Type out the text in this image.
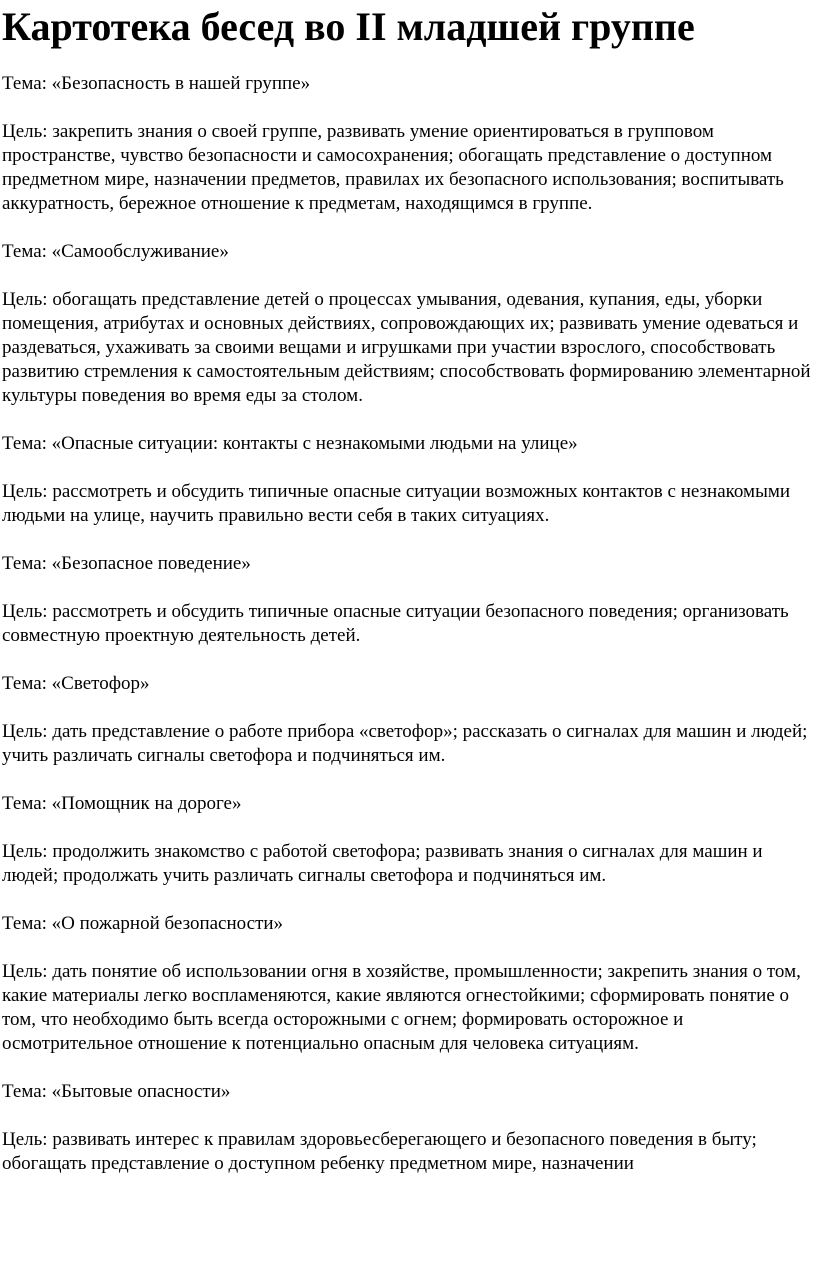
Картотека бесед во II младшей группе

Тема: «Безопасность в нашей группе»

Цель: закрепить знания о своей группе, развивать умение ориентироваться в групповом пространстве, чувство безопасности и самосохранения; обогащать представление о доступном предметном мире, назначении предметов, правилах их безопасного использования; воспитывать аккуратность, бережное отношение к предметам, находящимся в группе.

Тема: «Самообслуживание»

Цель: обогащать представление детей о процессах умывания, одевания, купания, еды, уборки помещения, атрибутах и основных действиях, сопровождающих их; развивать умение одеваться и раздеваться, ухаживать за своими вещами и игрушками при участии взрослого, способствовать развитию стремления к самостоятельным действиям; способствовать формированию элементарной культуры поведения во время еды за столом.

Тема: «Опасные ситуации: контакты с незнакомыми людьми на улице»

Цель: рассмотреть и обсудить типичные опасные ситуации возможных контактов с незнакомыми людьми на улице, научить правильно вести себя в таких ситуациях.

Тема: «Безопасное поведение»

Цель: рассмотреть и обсудить типичные опасные ситуации безопасного поведения; организовать совместную проектную деятельность детей.

Тема: «Светофор»

Цель: дать представление о работе прибора «светофор»; рассказать о сигналах для машин и людей; учить различать сигналы светофора и подчиняться им.

Тема: «Помощник на дороге»

Цель: продолжить знакомство с работой светофора; развивать знания о сигналах для машин и людей; продолжать учить различать сигналы светофора и подчиняться им.

Тема: «О пожарной безопасности»

Цель: дать понятие об использовании огня в хозяйстве, промышленности; закрепить знания о том, какие материалы легко воспламеняются, какие являются огнестойкими; сформировать понятие о том, что необходимо быть всегда осторожными с огнем; формировать осторожное и осмотрительное отношение к потенциально опасным для человека ситуациям.

Тема: «Бытовые опасности»

Цель: развивать интерес к правилам здоровьесберегающего и безопасного поведения в быту; обогащать представление о доступном ребенку предметном мире, назначении
